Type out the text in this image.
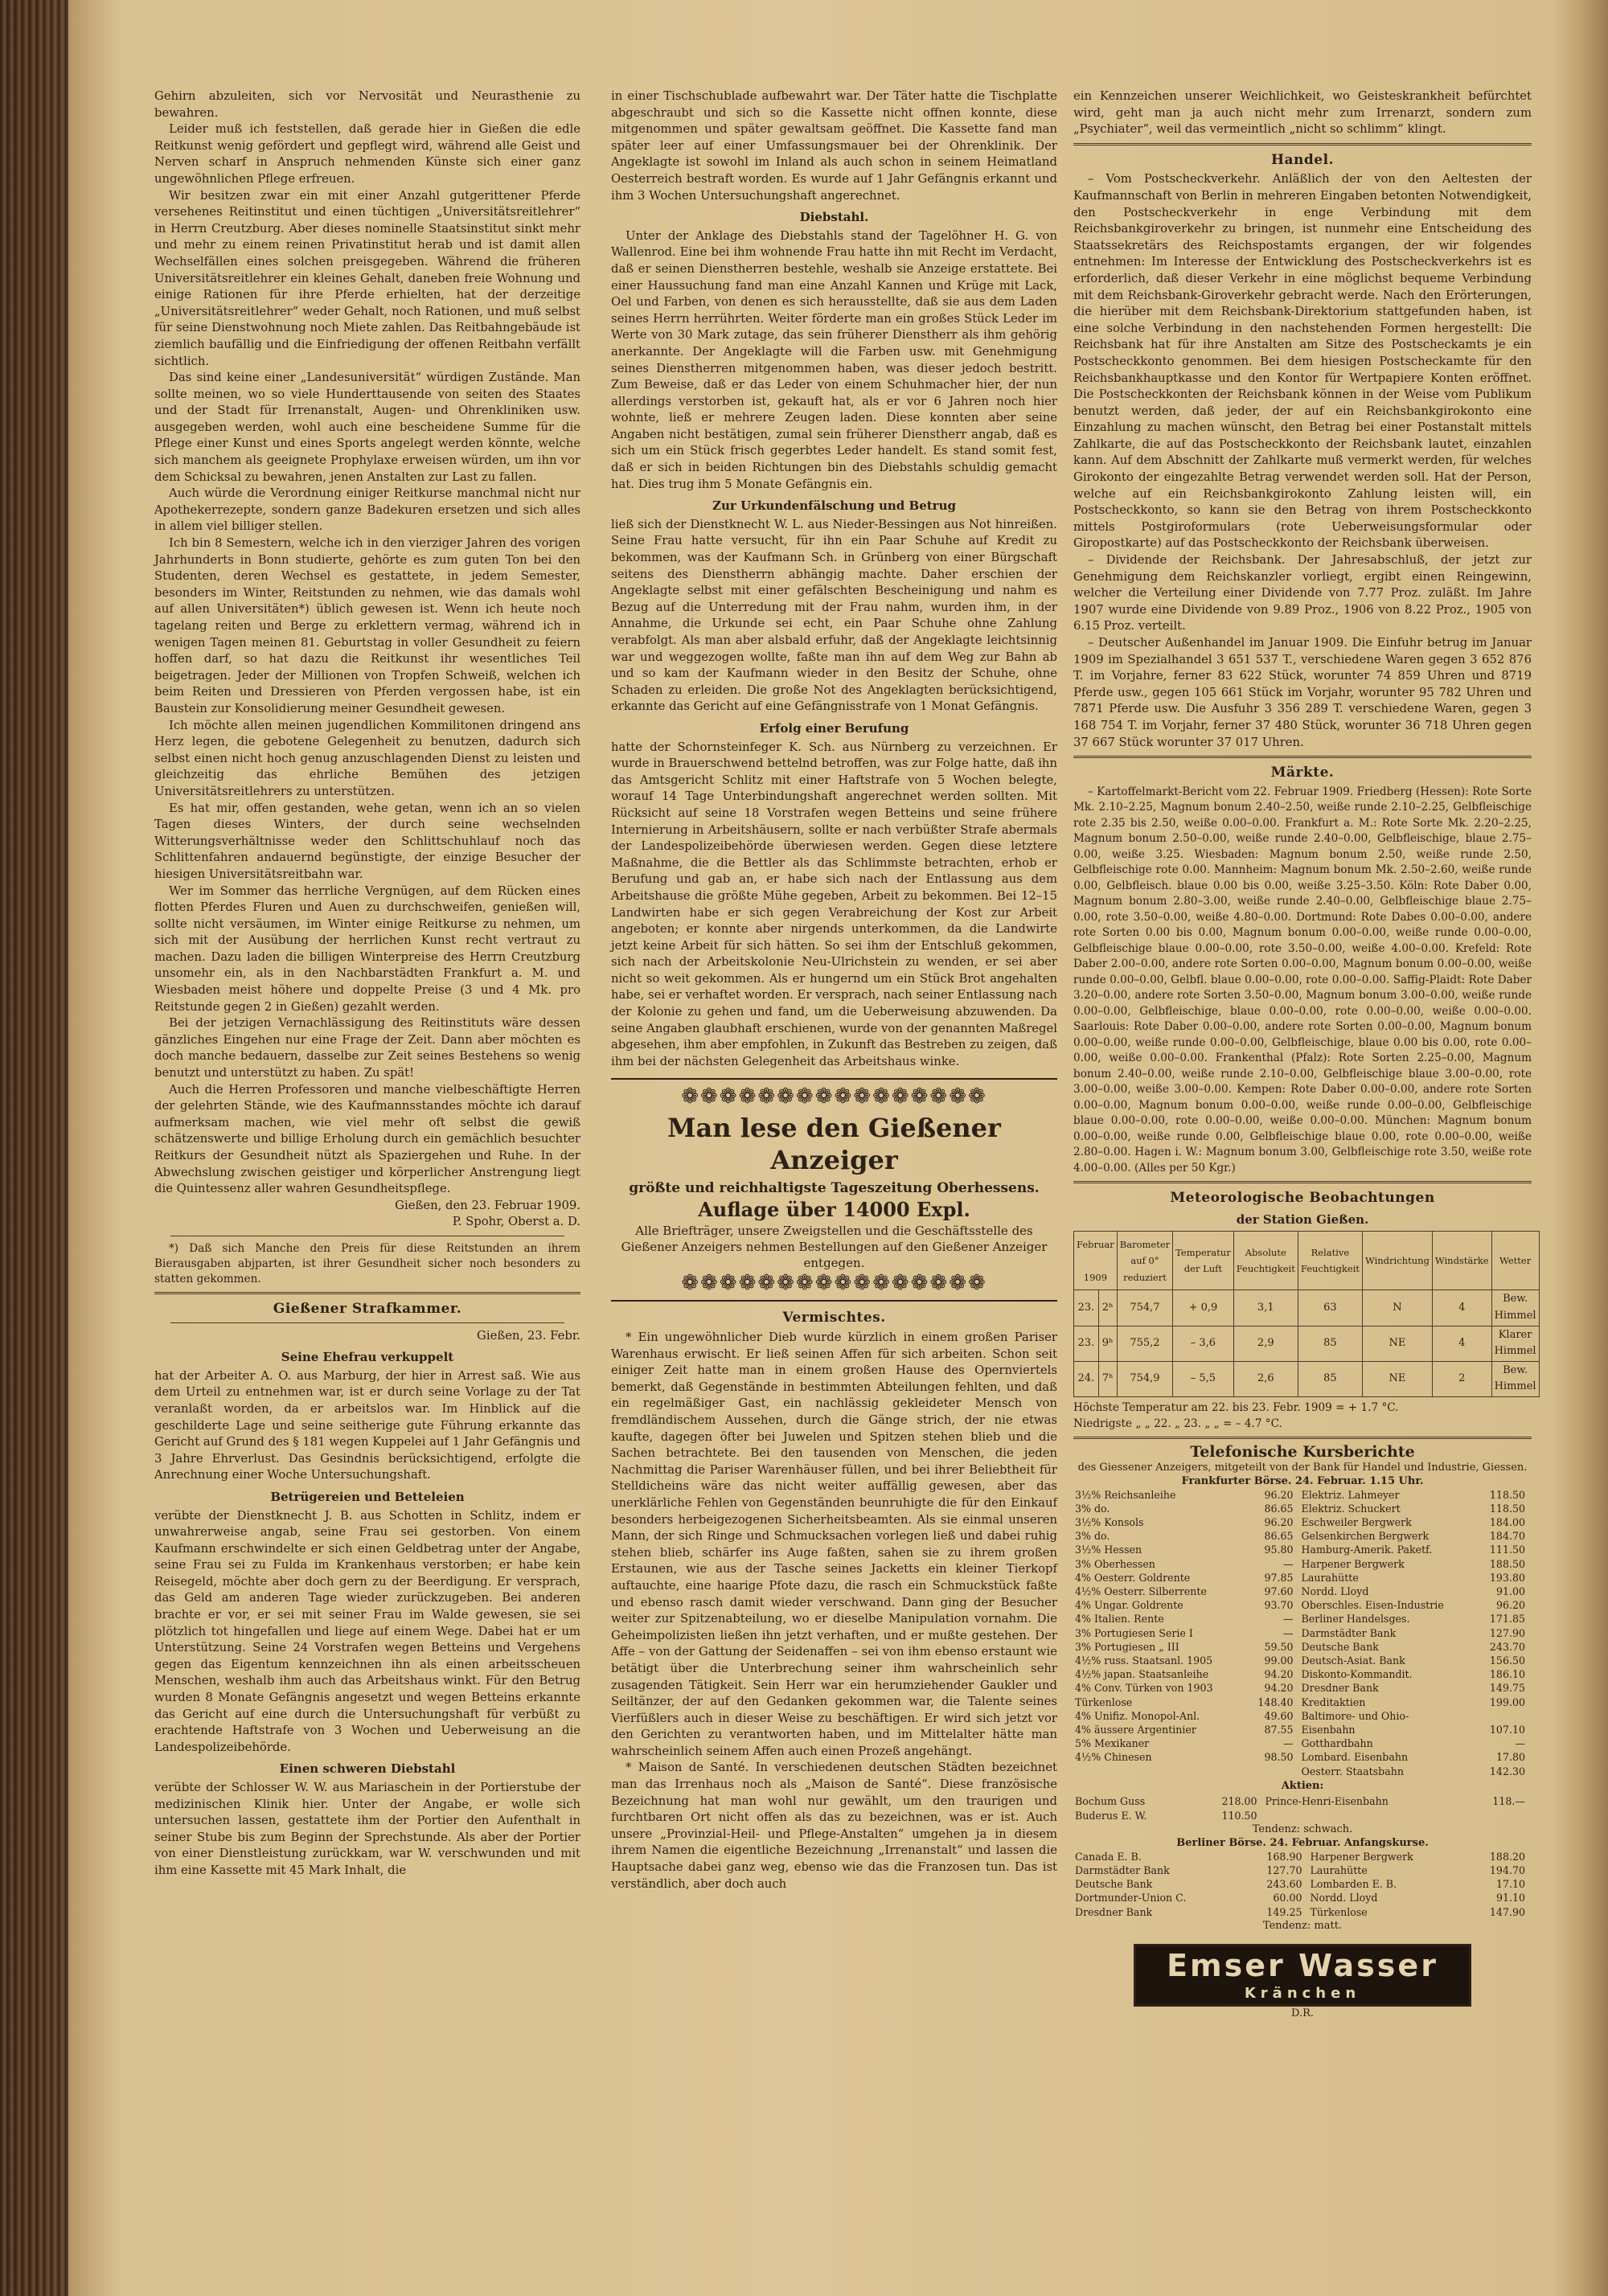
Gehirn abzuleiten, sich vor Nervosität und Neurasthenie zu bewahren.

Leider muß ich feststellen, daß gerade hier in Gießen die edle Reitkunst wenig gefördert und gepflegt wird, während alle Geist und Nerven scharf in Anspruch nehmenden Künste sich einer ganz ungewöhnlichen Pflege erfreuen.

Wir besitzen zwar ein mit einer Anzahl gutgerittener Pferde versehenes Reitinstitut und einen tüchtigen „Universitätsreitlehrer“ in Herrn Creutzburg. Aber dieses nominelle Staatsinstitut sinkt mehr und mehr zu einem reinen Privatinstitut herab und ist damit allen Wechselfällen eines solchen preisgegeben. Während die früheren Universitätsreitlehrer ein kleines Gehalt, daneben freie Wohnung und einige Rationen für ihre Pferde erhielten, hat der derzeitige „Universitätsreitlehrer“ weder Gehalt, noch Rationen, und muß selbst für seine Dienstwohnung noch Miete zahlen. Das Reitbahngebäude ist ziemlich baufällig und die Einfriedigung der offenen Reitbahn verfällt sichtlich.

Das sind keine einer „Landesuniversität“ würdigen Zustände. Man sollte meinen, wo so viele Hunderttausende von seiten des Staates und der Stadt für Irrenanstalt, Augen- und Ohrenkliniken usw. ausgegeben werden, wohl auch eine bescheidene Summe für die Pflege einer Kunst und eines Sports angelegt werden könnte, welche sich manchem als geeignete Prophylaxe erweisen würden, um ihn vor dem Schicksal zu bewahren, jenen Anstalten zur Last zu fallen.

Auch würde die Verordnung einiger Reitkurse manchmal nicht nur Apothekerrezepte, sondern ganze Badekuren ersetzen und sich alles in allem viel billiger stellen.

Ich bin 8 Semestern, welche ich in den vierziger Jahren des vorigen Jahrhunderts in Bonn studierte, gehörte es zum guten Ton bei den Studenten, deren Wechsel es gestattete, in jedem Semester, besonders im Winter, Reitstunden zu nehmen, wie das damals wohl auf allen Universitäten*) üblich gewesen ist. Wenn ich heute noch tagelang reiten und Berge zu erklettern vermag, während ich in wenigen Tagen meinen 81. Geburtstag in voller Gesundheit zu feiern hoffen darf, so hat dazu die Reitkunst ihr wesentliches Teil beigetragen. Jeder der Millionen von Tropfen Schweiß, welchen ich beim Reiten und Dressieren von Pferden vergossen habe, ist ein Baustein zur Konsolidierung meiner Gesundheit gewesen.

Ich möchte allen meinen jugendlichen Kommilitonen dringend ans Herz legen, die gebotene Gelegenheit zu benutzen, dadurch sich selbst einen nicht hoch genug anzuschlagenden Dienst zu leisten und gleichzeitig das ehrliche Bemühen des jetzigen Universitätsreitlehrers zu unterstützen.

Es hat mir, offen gestanden, wehe getan, wenn ich an so vielen Tagen dieses Winters, der durch seine wechselnden Witterungsverhältnisse weder den Schlittschuhlauf noch das Schlittenfahren andauernd begünstigte, der einzige Besucher der hiesigen Universitätsreitbahn war.

Wer im Sommer das herrliche Vergnügen, auf dem Rücken eines flotten Pferdes Fluren und Auen zu durchschweifen, genießen will, sollte nicht versäumen, im Winter einige Reitkurse zu nehmen, um sich mit der Ausübung der herrlichen Kunst recht vertraut zu machen. Dazu laden die billigen Winterpreise des Herrn Creutzburg unsomehr ein, als in den Nachbarstädten Frankfurt a. M. und Wiesbaden meist höhere und doppelte Preise (3 und 4 Mk. pro Reitstunde gegen 2 in Gießen) gezahlt werden.

Bei der jetzigen Vernachlässigung des Reitinstituts wäre dessen gänzliches Eingehen nur eine Frage der Zeit. Dann aber möchten es doch manche bedauern, dasselbe zur Zeit seines Bestehens so wenig benutzt und unterstützt zu haben. Zu spät!

Auch die Herren Professoren und manche vielbeschäftigte Herren der gelehrten Stände, wie des Kaufmannsstandes möchte ich darauf aufmerksam machen, wie viel mehr oft selbst die gewiß schätzenswerte und billige Erholung durch ein gemächlich besuchter Reitkurs der Gesundheit nützt als Spaziergehen und Ruhe. In der Abwechslung zwischen geistiger und körperlicher Anstrengung liegt die Quintessenz aller wahren Gesundheitspflege.

Gießen, den 23. Februar 1909.

P. Spohr, Oberst a. D.

*) Daß sich Manche den Preis für diese Reitstunden an ihrem Bierausgaben abjparten, ist ihrer Gesundheit sicher noch besonders zu statten gekommen.

Gießener Strafkammer.

Gießen, 23. Febr.

Seine Ehefrau verkuppelt

hat der Arbeiter A. O. aus Marburg, der hier in Arrest saß. Wie aus dem Urteil zu entnehmen war, ist er durch seine Vorlage zu der Tat veranlaßt worden, da er arbeitslos war. Im Hinblick auf die geschilderte Lage und seine seitherige gute Führung erkannte das Gericht auf Grund des § 181 wegen Kuppelei auf 1 Jahr Gefängnis und 3 Jahre Ehrverlust. Das Gesindnis berücksichtigend, erfolgte die Anrechnung einer Woche Untersuchungshaft.

Betrügereien und Betteleien

verübte der Dienstknecht J. B. aus Schotten in Schlitz, indem er unwahrerweise angab, seine Frau sei gestorben. Von einem Kaufmann erschwindelte er sich einen Geldbetrag unter der Angabe, seine Frau sei zu Fulda im Krankenhaus verstorben; er habe kein Reisegeld, möchte aber doch gern zu der Beerdigung. Er versprach, das Geld am anderen Tage wieder zurückzugeben. Bei anderen brachte er vor, er sei mit seiner Frau im Walde gewesen, sie sei plötzlich tot hingefallen und liege auf einem Wege. Dabei hat er um Unterstützung. Seine 24 Vorstrafen wegen Betteins und Vergehens gegen das Eigentum kennzeichnen ihn als einen arbeitsscheuen Menschen, weshalb ihm auch das Arbeitshaus winkt. Für den Betrug wurden 8 Monate Gefängnis angesetzt und wegen Betteins erkannte das Gericht auf eine durch die Untersuchungshaft für verbüßt zu erachtende Haftstrafe von 3 Wochen und Ueberweisung an die Landespolizeibehörde.

Einen schweren Diebstahl

verübte der Schlosser W. W. aus Mariaschein in der Portierstube der medizinischen Klinik hier. Unter der Angabe, er wolle sich untersuchen lassen, gestattete ihm der Portier den Aufenthalt in seiner Stube bis zum Beginn der Sprechstunde. Als aber der Portier von einer Dienstleistung zurückkam, war W. verschwunden und mit ihm eine Kassette mit 45 Mark Inhalt, die

in einer Tischschublade aufbewahrt war. Der Täter hatte die Tischplatte abgeschraubt und sich so die Kassette nicht offnen konnte, diese mitgenommen und später gewaltsam geöffnet. Die Kassette fand man später leer auf einer Umfassungsmauer bei der Ohrenklinik. Der Angeklagte ist sowohl im Inland als auch schon in seinem Heimatland Oesterreich bestraft worden. Es wurde auf 1 Jahr Gefängnis erkannt und ihm 3 Wochen Untersuchungshaft angerechnet.

Diebstahl.

Unter der Anklage des Diebstahls stand der Tagelöhner H. G. von Wallenrod. Eine bei ihm wohnende Frau hatte ihn mit Recht im Verdacht, daß er seinen Dienstherren bestehle, weshalb sie Anzeige erstattete. Bei einer Haussuchung fand man eine Anzahl Kannen und Krüge mit Lack, Oel und Farben, von denen es sich herausstellte, daß sie aus dem Laden seines Herrn herrührten. Weiter förderte man ein großes Stück Leder im Werte von 30 Mark zutage, das sein früherer Dienstherr als ihm gehörig anerkannte. Der Angeklagte will die Farben usw. mit Genehmigung seines Dienstherren mitgenommen haben, was dieser jedoch bestritt. Zum Beweise, daß er das Leder von einem Schuhmacher hier, der nun allerdings verstorben ist, gekauft hat, als er vor 6 Jahren noch hier wohnte, ließ er mehrere Zeugen laden. Diese konnten aber seine Angaben nicht bestätigen, zumal sein früherer Dienstherr angab, daß es sich um ein Stück frisch gegerbtes Leder handelt. Es stand somit fest, daß er sich in beiden Richtungen bin des Diebstahls schuldig gemacht hat. Dies trug ihm 5 Monate Gefängnis ein.

Zur Urkundenfälschung und Betrug

ließ sich der Dienstknecht W. L. aus Nieder-Bessingen aus Not hinreißen. Seine Frau hatte versucht, für ihn ein Paar Schuhe auf Kredit zu bekommen, was der Kaufmann Sch. in Grünberg von einer Bürgschaft seitens des Dienstherrn abhängig machte. Daher erschien der Angeklagte selbst mit einer gefälschten Bescheinigung und nahm es Bezug auf die Unterredung mit der Frau nahm, wurden ihm, in der Annahme, die Urkunde sei echt, ein Paar Schuhe ohne Zahlung verabfolgt. Als man aber alsbald erfuhr, daß der Angeklagte leichtsinnig war und weggezogen wollte, faßte man ihn auf dem Weg zur Bahn ab und so kam der Kaufmann wieder in den Besitz der Schuhe, ohne Schaden zu erleiden. Die große Not des Angeklagten berücksichtigend, erkannte das Gericht auf eine Gefängnisstrafe von 1 Monat Gefängnis.

Erfolg einer Berufung

hatte der Schornsteinfeger K. Sch. aus Nürnberg zu verzeichnen. Er wurde in Brauerschwend bettelnd betroffen, was zur Folge hatte, daß ihn das Amtsgericht Schlitz mit einer Haftstrafe von 5 Wochen belegte, worauf 14 Tage Unterbindungshaft angerechnet werden sollten. Mit Rücksicht auf seine 18 Vorstrafen wegen Betteins und seine frühere Internierung in Arbeitshäusern, sollte er nach verbüßter Strafe abermals der Landespolizeibehörde überwiesen werden. Gegen diese letztere Maßnahme, die die Bettler als das Schlimmste betrachten, erhob er Berufung und gab an, er habe sich nach der Entlassung aus dem Arbeitshause die größte Mühe gegeben, Arbeit zu bekommen. Bei 12–15 Landwirten habe er sich gegen Verabreichung der Kost zur Arbeit angeboten; er konnte aber nirgends unterkommen, da die Landwirte jetzt keine Arbeit für sich hätten. So sei ihm der Entschluß gekommen, sich nach der Arbeitskolonie Neu-Ulrichstein zu wenden, er sei aber nicht so weit gekommen. Als er hungernd um ein Stück Brot angehalten habe, sei er verhaftet worden. Er versprach, nach seiner Entlassung nach der Kolonie zu gehen und fand, um die Ueberweisung abzuwenden. Da seine Angaben glaubhaft erschienen, wurde von der genannten Maßregel abgesehen, ihm aber empfohlen, in Zukunft das Bestreben zu zeigen, daß ihm bei der nächsten Gelegenheit das Arbeitshaus winke.

❁❁❁❁❁❁❁❁❁❁❁❁❁❁❁❁
Man lese den Gießener Anzeiger
größte und reichhaltigste Tageszeitung Oberhessens.
Auflage über 14000 Expl.
Alle Briefträger, unsere Zweigstellen und die Geschäftsstelle des Gießener Anzeigers nehmen Bestellungen auf den Gießener Anzeiger entgegen.
❁❁❁❁❁❁❁❁❁❁❁❁❁❁❁❁
Vermischtes.

* Ein ungewöhnlicher Dieb wurde kürzlich in einem großen Pariser Warenhaus erwischt. Er ließ seinen Affen für sich arbeiten. Schon seit einiger Zeit hatte man in einem großen Hause des Opernviertels bemerkt, daß Gegenstände in bestimmten Abteilungen fehlten, und daß ein regelmäßiger Gast, ein nachlässig gekleideter Mensch von fremdländischem Aussehen, durch die Gänge strich, der nie etwas kaufte, dagegen öfter bei Juwelen und Spitzen stehen blieb und die Sachen betrachtete. Bei den tausenden von Menschen, die jeden Nachmittag die Pariser Warenhäuser füllen, und bei ihrer Beliebtheit für Stelldicheins wäre das nicht weiter auffällig gewesen, aber das unerklärliche Fehlen von Gegenständen beunruhigte die für den Einkauf besonders herbeigezogenen Sicherheitsbeamten. Als sie einmal unseren Mann, der sich Ringe und Schmucksachen vorlegen ließ und dabei ruhig stehen blieb, schärfer ins Auge faßten, sahen sie zu ihrem großen Erstaunen, wie aus der Tasche seines Jacketts ein kleiner Tierkopf auftauchte, eine haarige Pfote dazu, die rasch ein Schmuckstück faßte und ebenso rasch damit wieder verschwand. Dann ging der Besucher weiter zur Spitzenabteilung, wo er dieselbe Manipulation vornahm. Die Geheimpolizisten ließen ihn jetzt verhaften, und er mußte gestehen. Der Affe – von der Gattung der Seidenaffen – sei von ihm ebenso erstaunt wie betätigt über die Unterbrechung seiner ihm wahrscheinlich sehr zusagenden Tätigkeit. Sein Herr war ein herumziehender Gaukler und Seiltänzer, der auf den Gedanken gekommen war, die Talente seines Vierfüßlers auch in dieser Weise zu beschäftigen. Er wird sich jetzt vor den Gerichten zu verantworten haben, und im Mittelalter hätte man wahrscheinlich seinem Affen auch einen Prozeß angehängt.

* Maison de Santé. In verschiedenen deutschen Städten bezeichnet man das Irrenhaus noch als „Maison de Santé“. Diese französische Bezeichnung hat man wohl nur gewählt, um den traurigen und furchtbaren Ort nicht offen als das zu bezeichnen, was er ist. Auch unsere „Provinzial-Heil- und Pflege-Anstalten“ umgehen ja in diesem ihrem Namen die eigentliche Bezeichnung „Irrenanstalt“ und lassen die Hauptsache dabei ganz weg, ebenso wie das die Franzosen tun. Das ist verständlich, aber doch auch

ein Kennzeichen unserer Weichlichkeit, wo Geisteskrankheit befürchtet wird, geht man ja auch nicht mehr zum Irrenarzt, sondern zum „Psychiater“, weil das vermeintlich „nicht so schlimm“ klingt.

Handel.

– Vom Postscheckverkehr. Anläßlich der von den Aeltesten der Kaufmannschaft von Berlin in mehreren Eingaben betonten Notwendigkeit, den Postscheckverkehr in enge Verbindung mit dem Reichsbankgiroverkehr zu bringen, ist nunmehr eine Entscheidung des Staatssekretärs des Reichspostamts ergangen, der wir folgendes entnehmen: Im Interesse der Entwicklung des Postscheckverkehrs ist es erforderlich, daß dieser Verkehr in eine möglichst bequeme Verbindung mit dem Reichsbank-Giroverkehr gebracht werde. Nach den Erörterungen, die hierüber mit dem Reichsbank-Direktorium stattgefunden haben, ist eine solche Verbindung in den nachstehenden Formen hergestellt: Die Reichsbank hat für ihre Anstalten am Sitze des Postscheckamts je ein Postscheckkonto genommen. Bei dem hiesigen Postscheckamte für den Reichsbankhauptkasse und den Kontor für Wertpapiere Konten eröffnet. Die Postscheckkonten der Reichsbank können in der Weise vom Publikum benutzt werden, daß jeder, der auf ein Reichsbankgirokonto eine Einzahlung zu machen wünscht, den Betrag bei einer Postanstalt mittels Zahlkarte, die auf das Postscheckkonto der Reichsbank lautet, einzahlen kann. Auf dem Abschnitt der Zahlkarte muß vermerkt werden, für welches Girokonto der eingezahlte Betrag verwendet werden soll. Hat der Person, welche auf ein Reichsbankgirokonto Zahlung leisten will, ein Postscheckkonto, so kann sie den Betrag von ihrem Postscheckkonto mittels Postgiroformulars (rote Ueberweisungsformular oder Giropostkarte) auf das Postscheckkonto der Reichsbank überweisen.

– Dividende der Reichsbank. Der Jahresabschluß, der jetzt zur Genehmigung dem Reichskanzler vorliegt, ergibt einen Reingewinn, welcher die Verteilung einer Dividende von 7.77 Proz. zuläßt. Im Jahre 1907 wurde eine Dividende von 9.89 Proz., 1906 von 8.22 Proz., 1905 von 6.15 Proz. verteilt.

– Deutscher Außenhandel im Januar 1909. Die Einfuhr betrug im Januar 1909 im Spezialhandel 3 651 537 T., verschiedene Waren gegen 3 652 876 T. im Vorjahre, ferner 83 622 Stück, worunter 74 859 Uhren und 8719 Pferde usw., gegen 105 661 Stück im Vorjahr, worunter 95 782 Uhren und 7871 Pferde usw. Die Ausfuhr 3 356 289 T. verschiedene Waren, gegen 3 168 754 T. im Vorjahr, ferner 37 480 Stück, worunter 36 718 Uhren gegen 37 667 Stück worunter 37 017 Uhren.

Märkte.

– Kartoffelmarkt-Bericht vom 22. Februar 1909. Friedberg (Hessen): Rote Sorte Mk. 2.10–2.25, Magnum bonum 2.40–2.50, weiße runde 2.10–2.25, Gelbfleischige rote 2.35 bis 2.50, weiße 0.00–0.00. Frankfurt a. M.: Rote Sorte Mk. 2.20–2.25, Magnum bonum 2.50–0.00, weiße runde 2.40–0.00, Gelbfleischige, blaue 2.75–0.00, weiße 3.25. Wiesbaden: Magnum bonum 2.50, weiße runde 2.50, Gelbfleischige rote 0.00. Mannheim: Magnum bonum Mk. 2.50–2.60, weiße runde 0.00, Gelbfleisch. blaue 0.00 bis 0.00, weiße 3.25–3.50. Köln: Rote Daber 0.00, Magnum bonum 2.80–3.00, weiße runde 2.40–0.00, Gelbfleischige blaue 2.75–0.00, rote 3.50–0.00, weiße 4.80–0.00. Dortmund: Rote Dabes 0.00–0.00, andere rote Sorten 0.00 bis 0.00, Magnum bonum 0.00–0.00, weiße runde 0.00–0.00, Gelbfleischige blaue 0.00–0.00, rote 3.50–0.00, weiße 4.00–0.00. Krefeld: Rote Daber 2.00–0.00, andere rote Sorten 0.00–0.00, Magnum bonum 0.00–0.00, weiße runde 0.00–0.00, Gelbfl. blaue 0.00–0.00, rote 0.00–0.00. Saffig-Plaidt: Rote Daber 3.20–0.00, andere rote Sorten 3.50–0.00, Magnum bonum 3.00–0.00, weiße runde 0.00–0.00, Gelbfleischige, blaue 0.00–0.00, rote 0.00–0.00, weiße 0.00–0.00. Saarlouis: Rote Daber 0.00–0.00, andere rote Sorten 0.00–0.00, Magnum bonum 0.00–0.00, weiße runde 0.00–0.00, Gelbfleischige, blaue 0.00 bis 0.00, rote 0.00–0.00, weiße 0.00–0.00. Frankenthal (Pfalz): Rote Sorten 2.25–0.00, Magnum bonum 2.40–0.00, weiße runde 2.10–0.00, Gelbfleischige blaue 3.00–0.00, rote 3.00–0.00, weiße 3.00–0.00. Kempen: Rote Daber 0.00–0.00, andere rote Sorten 0.00–0.00, Magnum bonum 0.00–0.00, weiße runde 0.00–0.00, Gelbfleischige blaue 0.00–0.00, rote 0.00–0.00, weiße 0.00–0.00. München: Magnum bonum 0.00–0.00, weiße runde 0.00, Gelbfleischige blaue 0.00, rote 0.00–0.00, weiße 2.80–0.00. Hagen i. W.: Magnum bonum 3.00, Gelbfleischige rote 3.50, weiße rote 4.00–0.00. (Alles per 50 Kgr.)

Meteorologische Beobachtungen
der Station Gießen.
Februar

1909		Barometer auf 0° reduziert	Temperatur der Luft	Absolute Feuchtigkeit	Relative Feuchtigkeit	Windrichtung	Windstärke	Wetter
23.	2ʰ	754,7	+ 0,9	3,1	63	N	4	Bew. Himmel
23.	9ʰ	755,2	– 3,6	2,9	85	NE	4	Klarer Himmel
24.	7ʰ	754,9	– 5,5	2,6	85	NE	2	Bew. Himmel

Höchste Temperatur am 22. bis 23. Febr. 1909 = + 1.7 °C.

Niedrigste „ „ 22. „ 23. „ „ = – 4.7 °C.

Telefonische Kursberichte
des Giessener Anzeigers, mitgeteilt von der Bank für Handel und Industrie, Giessen.
Frankfurter Börse. 24. Februar. 1.15 Uhr.
3½% Reichsanleihe	96.20	Elektriz. Lahmeyer	118.50
3% do.	86.65	Elektriz. Schuckert	118.50
3½% Konsols	96.20	Eschweiler Bergwerk	184.00
3% do.	86.65	Gelsenkirchen Bergwerk	184.70
3½% Hessen	95.80	Hamburg-Amerik. Paketf.	111.50
3% Oberhessen	—	Harpener Bergwerk	188.50
4% Oesterr. Goldrente	97.85	Laurahütte	193.80
4½% Oesterr. Silberrente	97.60	Nordd. Lloyd	91.00
4% Ungar. Goldrente	93.70	Oberschles. Eisen-Industrie	96.20
4% Italien. Rente	—	Berliner Handelsges.	171.85
3% Portugiesen Serie I	—	Darmstädter Bank	127.90
3% Portugiesen „ III	59.50	Deutsche Bank	243.70
4½% russ. Staatsanl. 1905	99.00	Deutsch-Asiat. Bank	156.50
4½% japan. Staatsanleihe	94.20	Diskonto-Kommandit.	186.10
4% Conv. Türken von 1903	94.20	Dresdner Bank	149.75
Türkenlose	148.40	Kreditaktien	199.00
4% Unifiz. Monopol-Anl.	49.60	Baltimore- und Ohio-	
4% äussere Argentinier	87.55	Eisenbahn	107.10
5% Mexikaner	—	Gotthardbahn	—
4½% Chinesen	98.50	Lombard. Eisenbahn	17.80
		Oesterr. Staatsbahn	142.30
Aktien:
Bochum Guss	218.00	Prince-Henri-Eisenbahn	118.—
Buderus E. W.	110.50		
Tendenz: schwach.
Berliner Börse. 24. Februar. Anfangskurse.
Canada E. B.	168.90	Harpener Bergwerk	188.20
Darmstädter Bank	127.70	Laurahütte	194.70
Deutsche Bank	243.60	Lombarden E. B.	17.10
Dortmunder-Union C.	60.00	Nordd. Lloyd	91.10
Dresdner Bank	149.25	Türkenlose	147.90
Tendenz: matt.
Emser Wasser
Kränchen
D.R.
